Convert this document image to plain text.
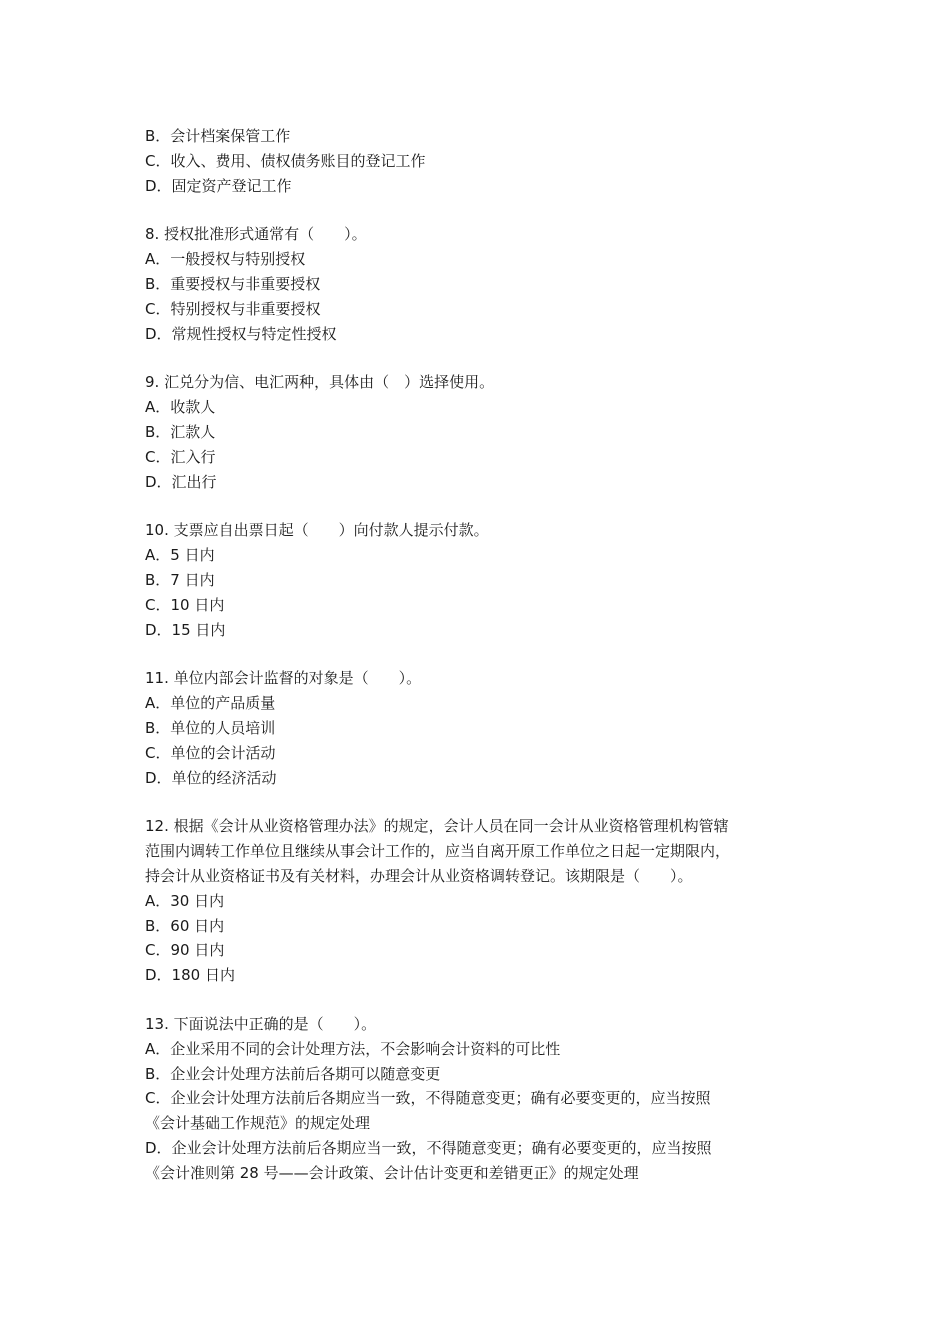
B．会计档案保管工作

C．收入、费用、债权债务账目的登记工作

D．固定资产登记工作

8. 授权批准形式通常有（　　）。

A．一般授权与特别授权

B．重要授权与非重要授权

C．特别授权与非重要授权

D．常规性授权与特定性授权

9. 汇兑分为信、电汇两种，具体由（　）选择使用。

A．收款人

B．汇款人

C．汇入行

D．汇出行

10. 支票应自出票日起（　　）向付款人提示付款。

A．5 日内

B．7 日内

C．10 日内

D．15 日内

11. 单位内部会计监督的对象是（　　）。

A．单位的产品质量

B．单位的人员培训

C．单位的会计活动

D．单位的经济活动

12. 根据《会计从业资格管理办法》的规定，会计人员在同一会计从业资格管理机构管辖

范围内调转工作单位且继续从事会计工作的，应当自离开原工作单位之日起一定期限内，

持会计从业资格证书及有关材料，办理会计从业资格调转登记。该期限是（　　）。

A．30 日内

B．60 日内

C．90 日内

D．180 日内

13. 下面说法中正确的是（　　）。

A．企业采用不同的会计处理方法，不会影响会计资料的可比性

B．企业会计处理方法前后各期可以随意变更

C．企业会计处理方法前后各期应当一致，不得随意变更；确有必要变更的，应当按照

《会计基础工作规范》的规定处理

D．企业会计处理方法前后各期应当一致，不得随意变更；确有必要变更的，应当按照

《会计准则第 28 号——会计政策、会计估计变更和差错更正》的规定处理
